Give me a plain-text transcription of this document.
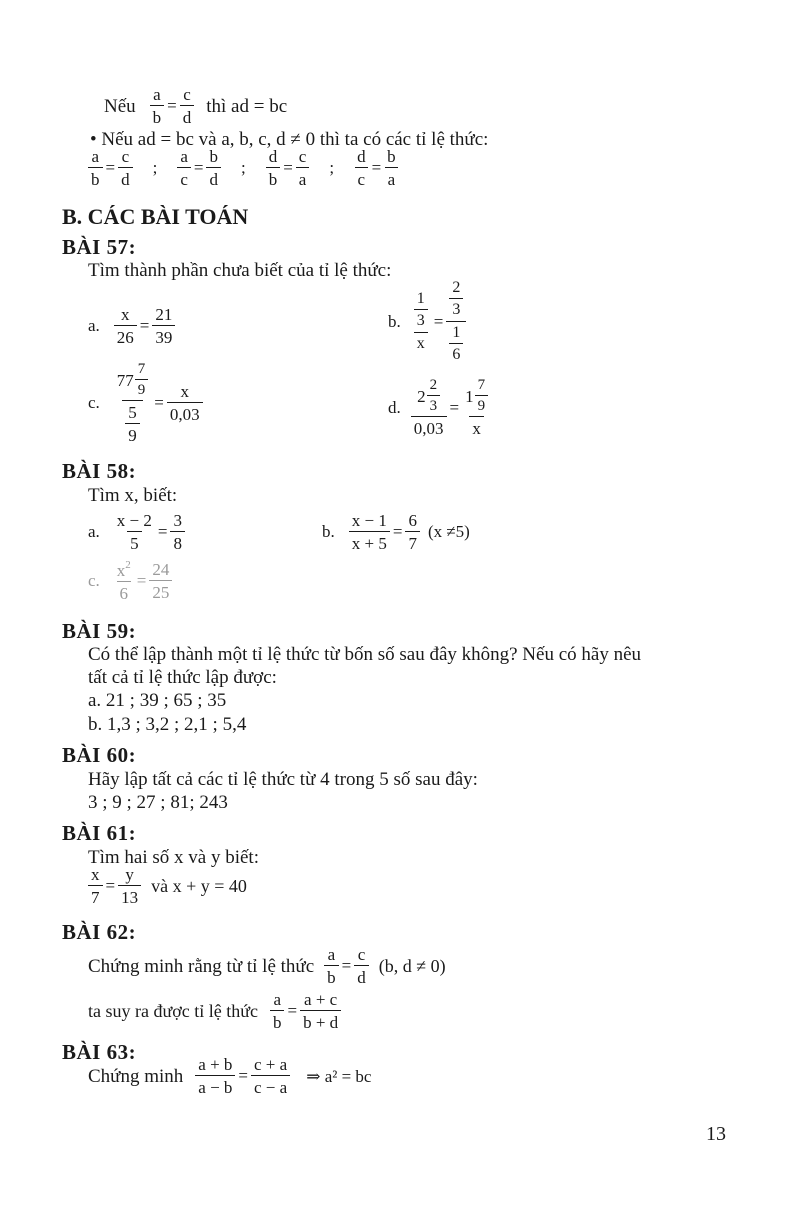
Nếu $\frac{a}{b} = \frac{c}{d}$ thì ad = bc
• Nếu ad = bc và a, b, c, d ≠ 0 thì ta có các tỉ lệ thức:
$\frac{a}{b} = \frac{c}{d}$ ; $\frac{a}{c} = \frac{b}{d}$ ; $\frac{d}{b} = \frac{c}{a}$ ; $\frac{d}{c} = \frac{b}{a}$
B. CÁC BÀI TOÁN
BÀI 57:
Tìm thành phần chưa biết của tỉ lệ thức:
a. $\frac{x}{26} = \frac{21}{39}$	b. $\frac{\frac{1}{3}}{x} = \frac{\frac{2}{3}}{\frac{1}{6}}$
c. $\frac{77 \frac{7}{9}}{\frac{5}{9}} = \frac{x}{0,03}$	d. $\frac{2 \frac{2}{3}}{0,03} = \frac{1 \frac{7}{9}}{x}$
BÀI 58:
Tìm x, biết:
a. $\frac{x - 2}{5} = \frac{3}{8}$	b. $\frac{x - 1}{x + 5} = \frac{6}{7} (x \ne 5)$
c. $\frac{x^2}{6} = \frac{24}{25}$
BÀI 59:
Có thể lập thành một tỉ lệ thức từ bốn số sau đây không? Nếu có hãy nêu
tất cả tỉ lệ thức lập được:
a. 21 ; 39 ; 65 ; 35
b. 1,3 ; 3,2 ; 2,1 ; 5,4
BÀI 60:
Hãy lập tất cả các tỉ lệ thức từ 4 trong 5 số sau đây:
3 ; 9 ; 27 ; 81; 243
BÀI 61:
Tìm hai số x và y biết:
$\frac{x}{7} = \frac{y}{13}$ và x + y = 40
BÀI 62:
Chứng minh rằng từ tỉ lệ thức $\frac{a}{b} = \frac{c}{d} (b$, d ≠ 0)
ta suy ra được tỉ lệ thức $\frac{a}{b} = \frac{a + c}{b + d}$
BÀI 63:
Chứng minh $\frac{a + b}{a - b} = \frac{c + a}{c - a}$ ⇒ a² = bc
13
